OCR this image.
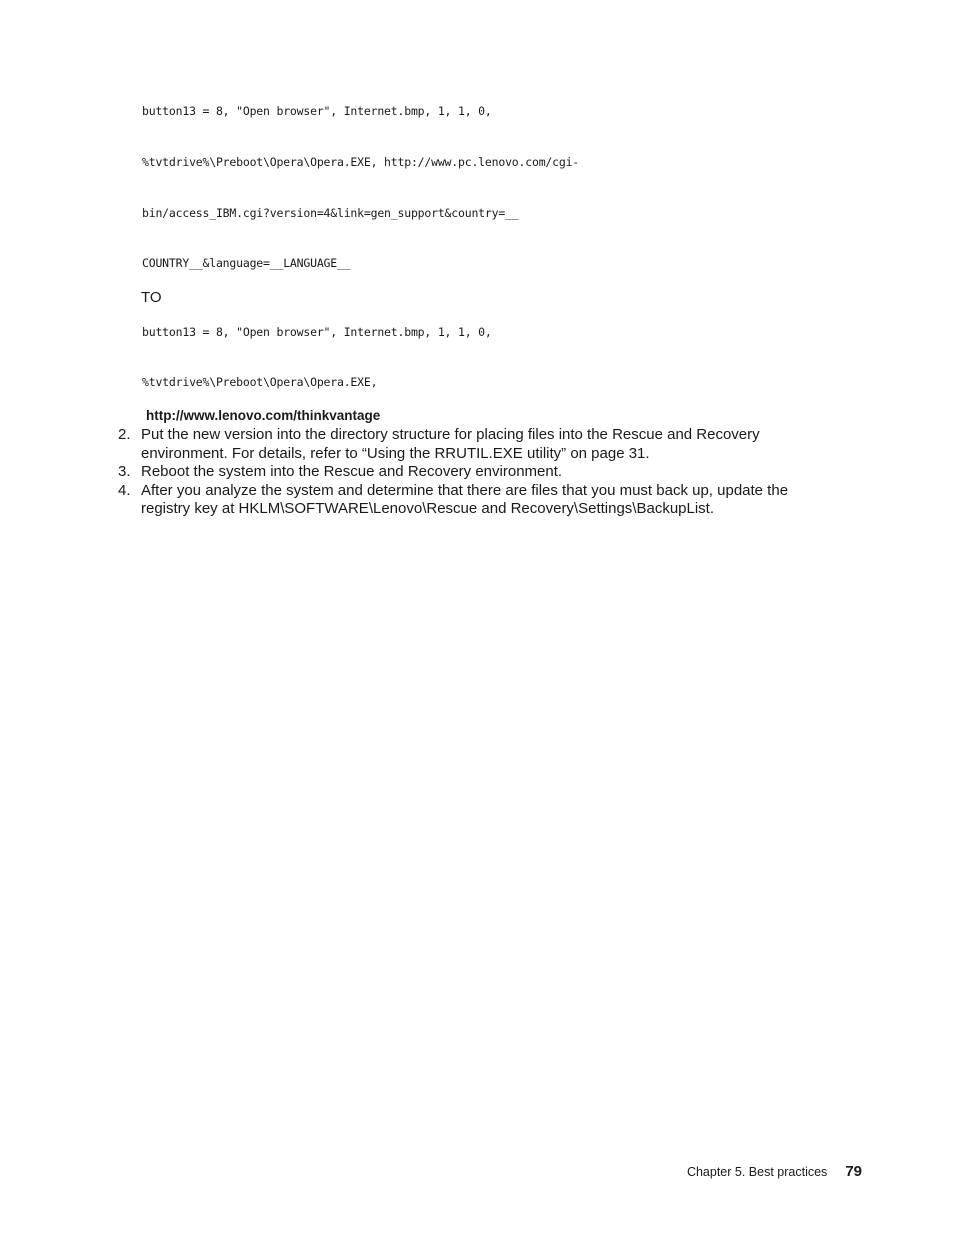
button13 = 8, "Open browser", Internet.bmp, 1, 1, 0,
%tvtdrive%\Preboot\Opera\Opera.EXE, http://www.pc.lenovo.com/cgi-
bin/access_IBM.cgi?version=4&link=gen_support&country=__
COUNTRY__&language=__LANGUAGE__
TO
button13 = 8, "Open browser", Internet.bmp, 1, 1, 0,
%tvtdrive%\Preboot\Opera\Opera.EXE,
http://www.lenovo.com/thinkvantage
2. Put the new version into the directory structure for placing files into the Rescue and Recovery environment. For details, refer to “Using the RRUTIL.EXE utility” on page 31.
3. Reboot the system into the Rescue and Recovery environment.
4. After you analyze the system and determine that there are files that you must back up, update the registry key at HKLM\SOFTWARE\Lenovo\Rescue and Recovery\Settings\BackupList.
Chapter 5. Best practices 79
